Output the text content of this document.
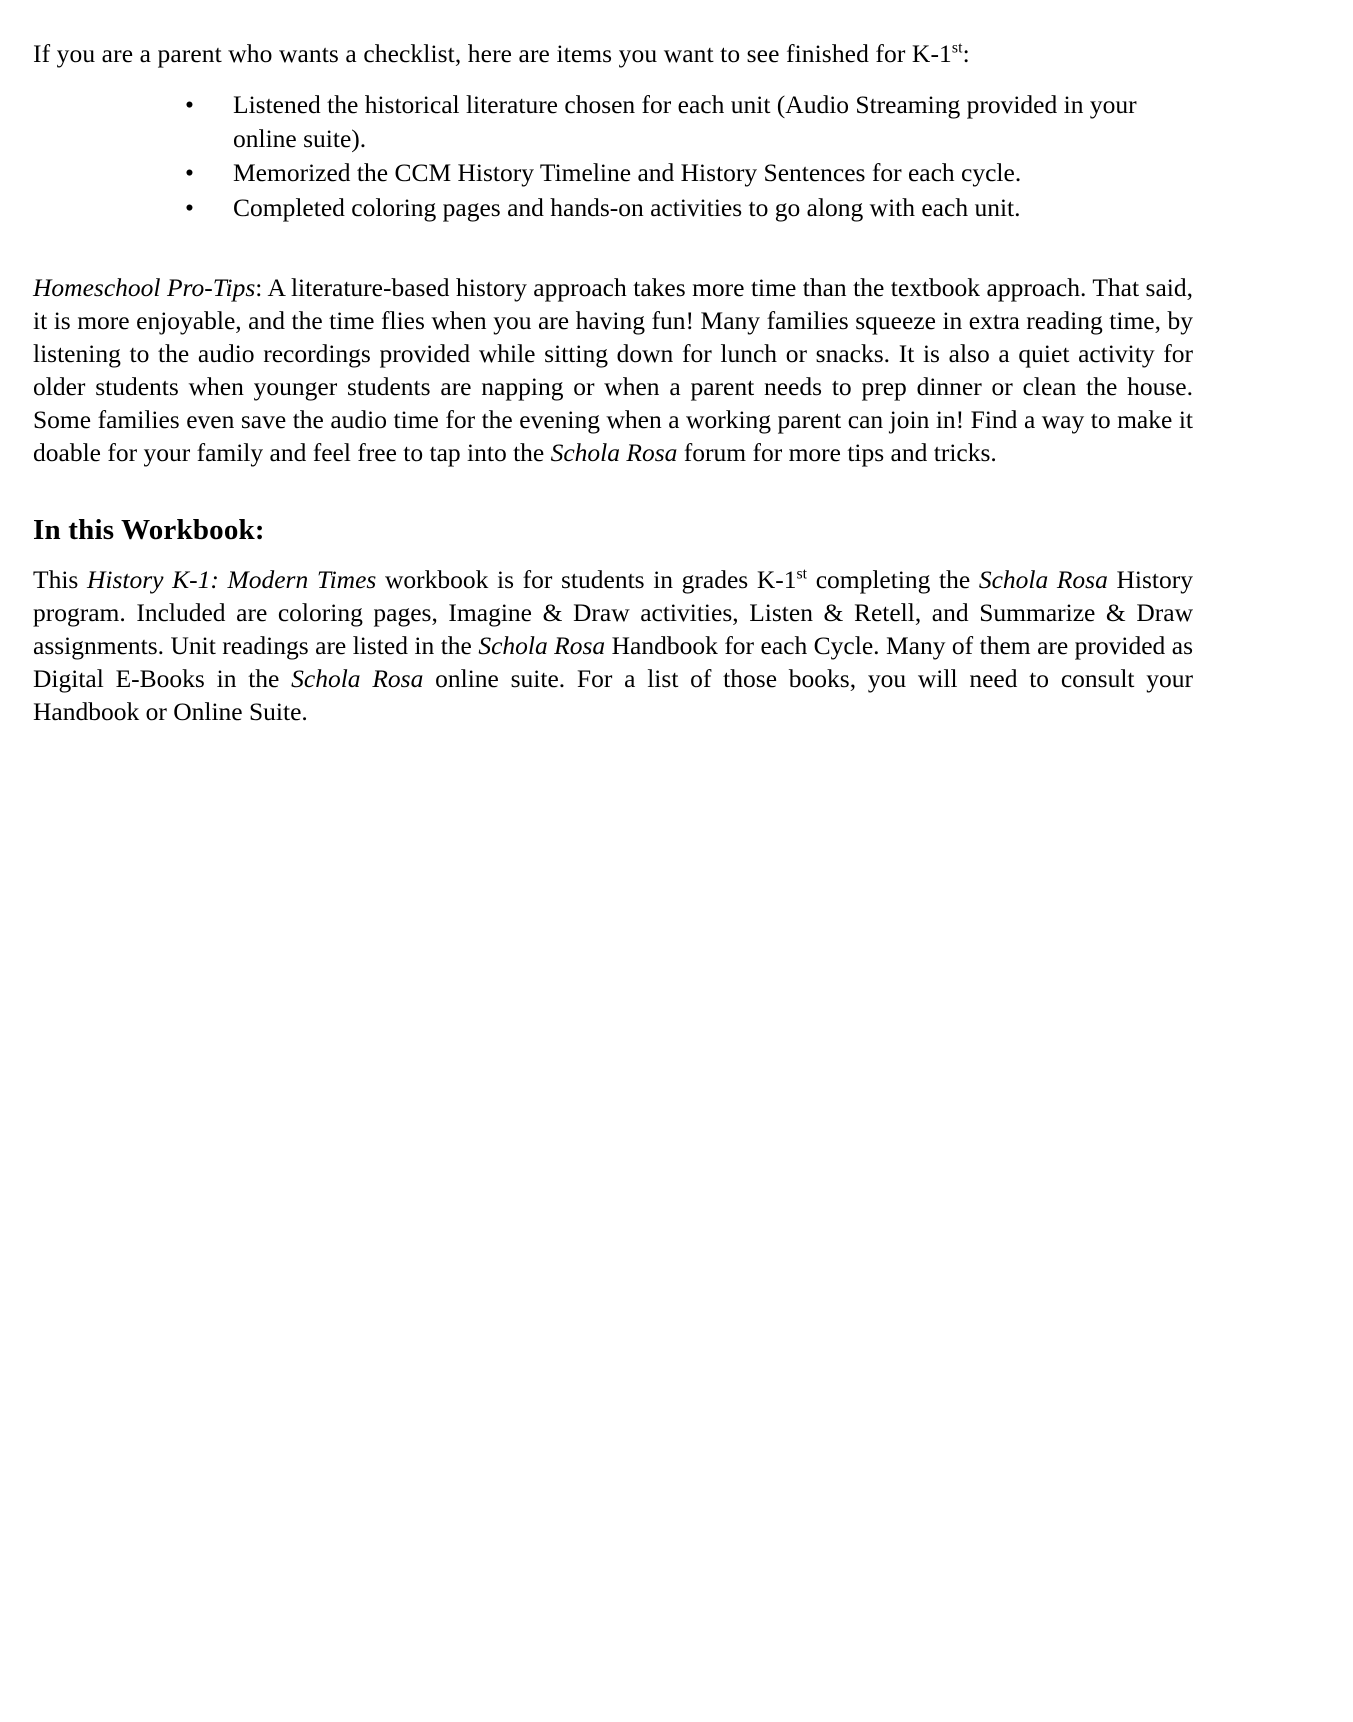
If you are a parent who wants a checklist, here are items you want to see finished for K-1st:

• Listened the historical literature chosen for each unit (Audio Streaming provided in your online suite).
• Memorized the CCM History Timeline and History Sentences for each cycle.
• Completed coloring pages and hands-on activities to go along with each unit.

Homeschool Pro-Tips: A literature-based history approach takes more time than the textbook approach. That said, it is more enjoyable, and the time flies when you are having fun! Many families squeeze in extra reading time, by listening to the audio recordings provided while sitting down for lunch or snacks. It is also a quiet activity for older students when younger students are napping or when a parent needs to prep dinner or clean the house. Some families even save the audio time for the evening when a working parent can join in! Find a way to make it doable for your family and feel free to tap into the Schola Rosa forum for more tips and tricks.

In this Workbook:

This History K-1: Modern Times workbook is for students in grades K-1st completing the Schola Rosa History program. Included are coloring pages, Imagine & Draw activities, Listen & Retell, and Summarize & Draw assignments. Unit readings are listed in the Schola Rosa Handbook for each Cycle. Many of them are provided as Digital E-Books in the Schola Rosa online suite. For a list of those books, you will need to consult your Handbook or Online Suite.
